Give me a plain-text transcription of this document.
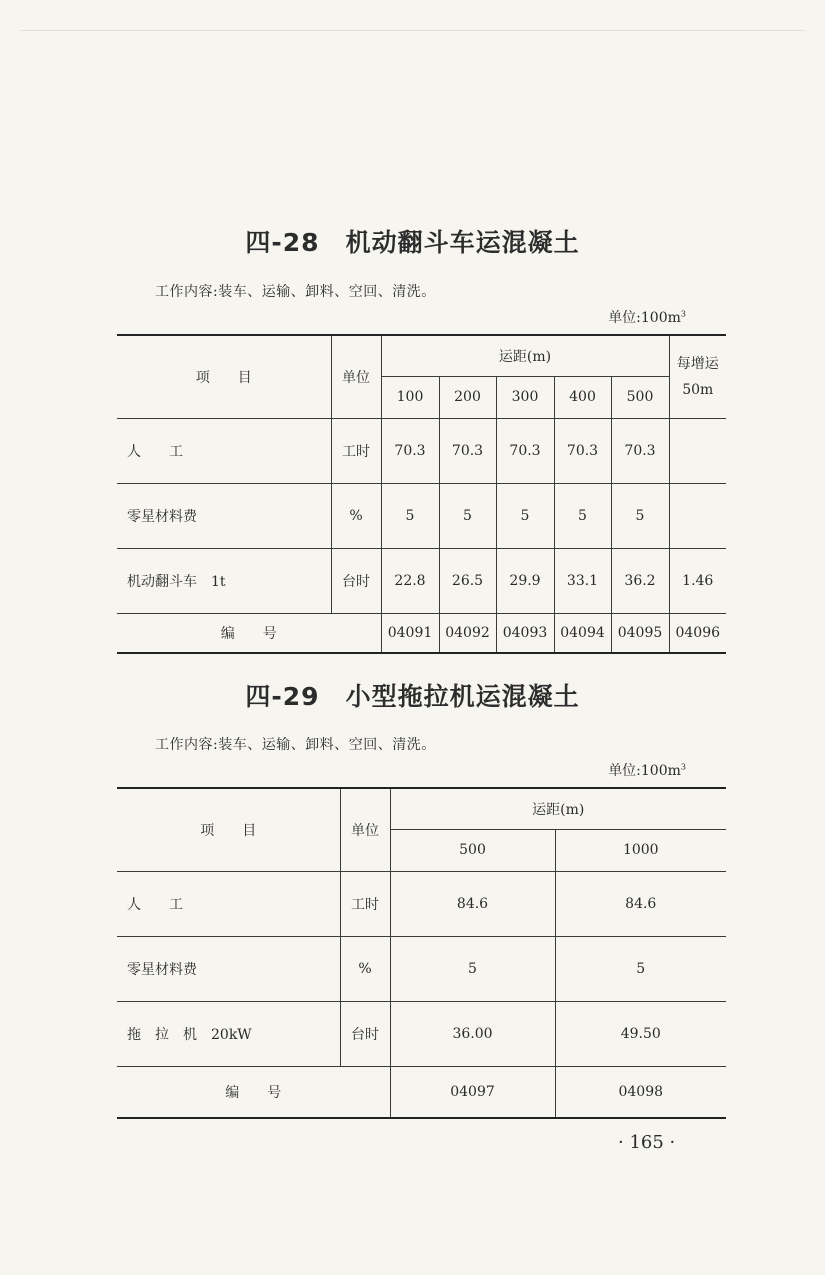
四-28 机动翻斗车运混凝土
工作内容:装车、运输、卸料、空回、清洗。
单位$:100m^3$
项　　目	单位	运距(m)					每增运
50m
		100	200	300	400	500	
人　　工	工时	70.3	70.3	70.3	70.3	70.3	
零星材料费	%	5	5	5	5	5	
机动翻斗车　1t	台时	22.8	26.5	29.9	33.1	36.2	1.46
编　　号		04091	04092	04093	04094	04095	04096
四-29 小型拖拉机运混凝土
工作内容:装车、运输、卸料、空回、清洗。
单位$:100m^3$
项　　目	单位	运距(m)	
		500	1000
人　　工	工时	84.6	84.6
零星材料费	%	5	5
拖　拉　机　20kW	台时	36.00	49.50
编　　号		04097	04098
· 165 ·
